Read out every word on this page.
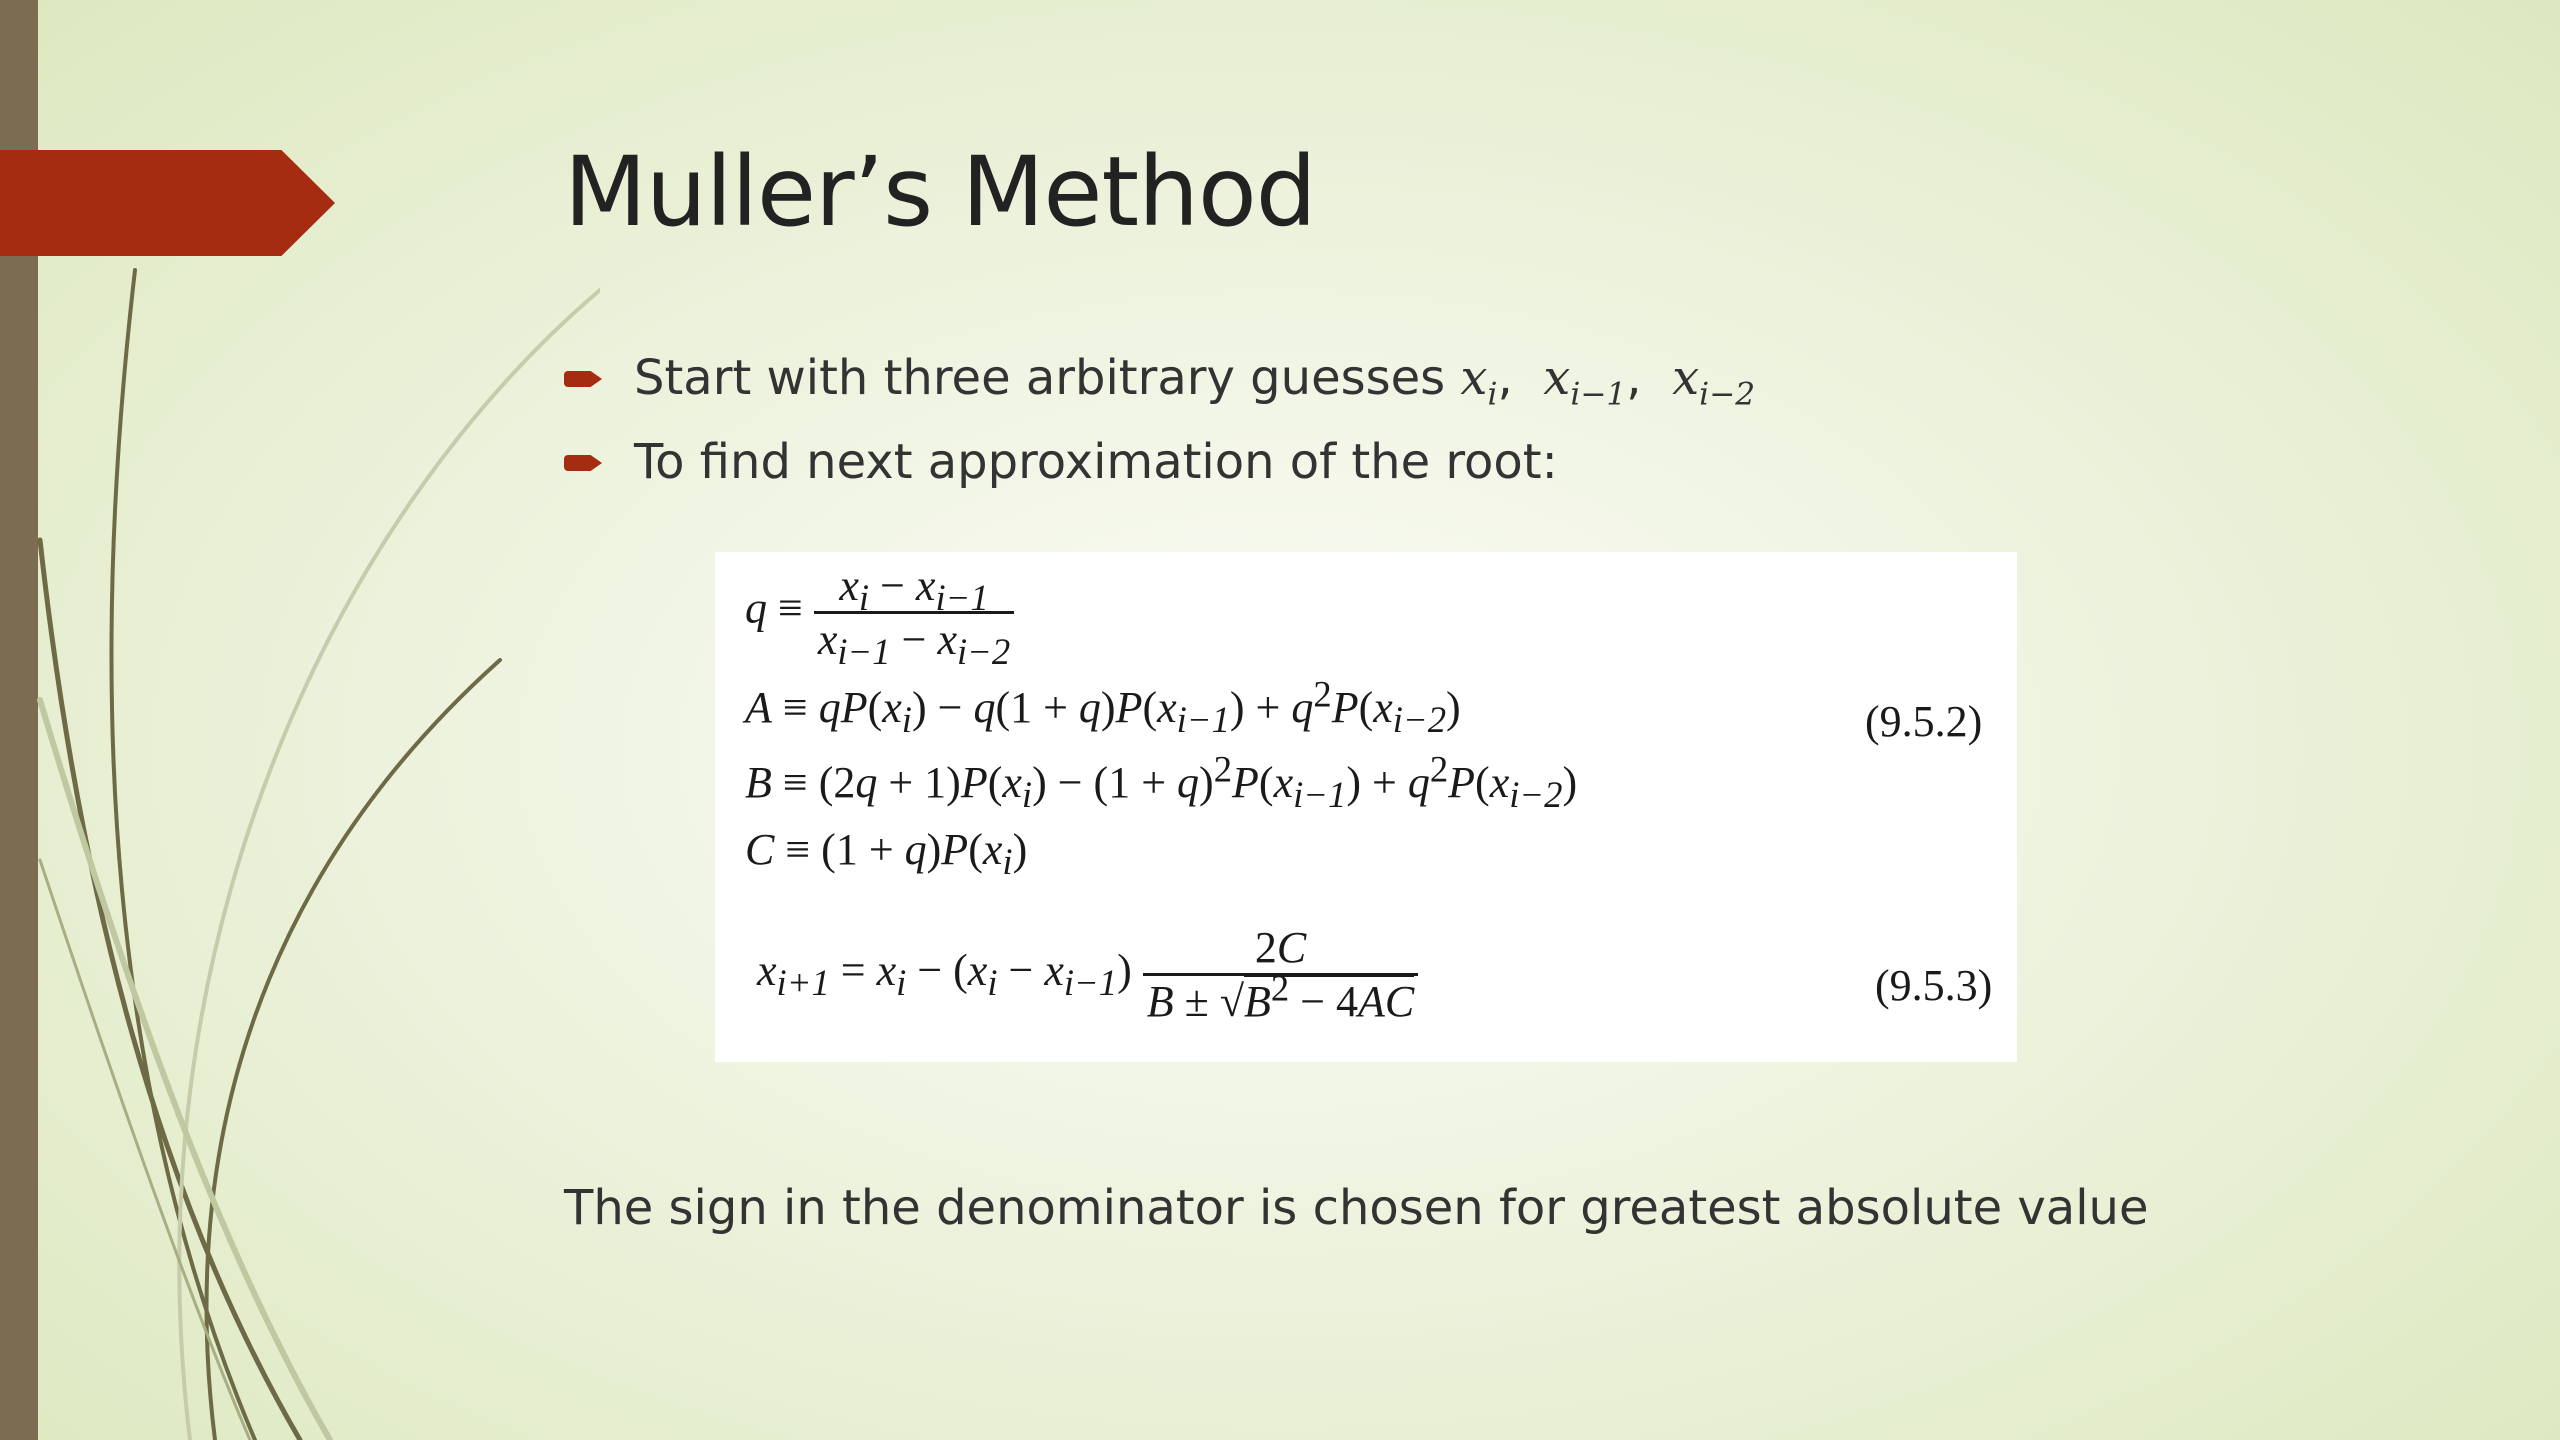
Muller’s Method
Start with three arbitrary guesses $x_i$,  $x_{i-1}$,  $x_{i-2}$
To find next approximation of the root:
$q \equiv \frac{x_i - x_{i-1}}{x_{i-1} - x_{i-2}}$
$A \equiv qP(x_i) - q(1 + q)P(x_{i-1}) + q^2P(x_{i-2})$	(9.5.2)
$B \equiv (2q + 1)P(x_i) - (1 + q)^2P(x_{i-1}) + q^2P(x_{i-2})$
$C \equiv (1 + q)P(x_i)$
$x_{i+1} = x_i - (x_i - x_{i-1}) \frac{2C}{B \pm √B^2 - 4AC}$	(9.5.3)

The sign in the denominator is chosen for greatest absolute value
